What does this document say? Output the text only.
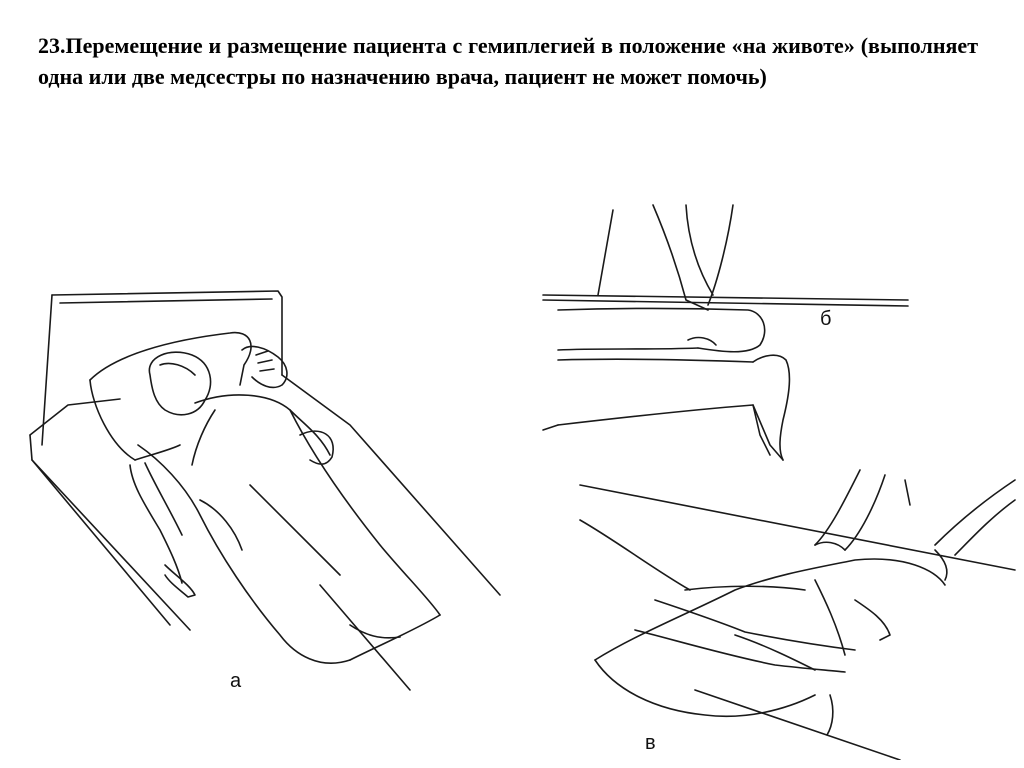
23.Перемещение и размещение пациента с гемиплегией в положение «на животе» (выполняет одна или две медсестры по назначению врача, пациент не может помочь)

а
б
в
